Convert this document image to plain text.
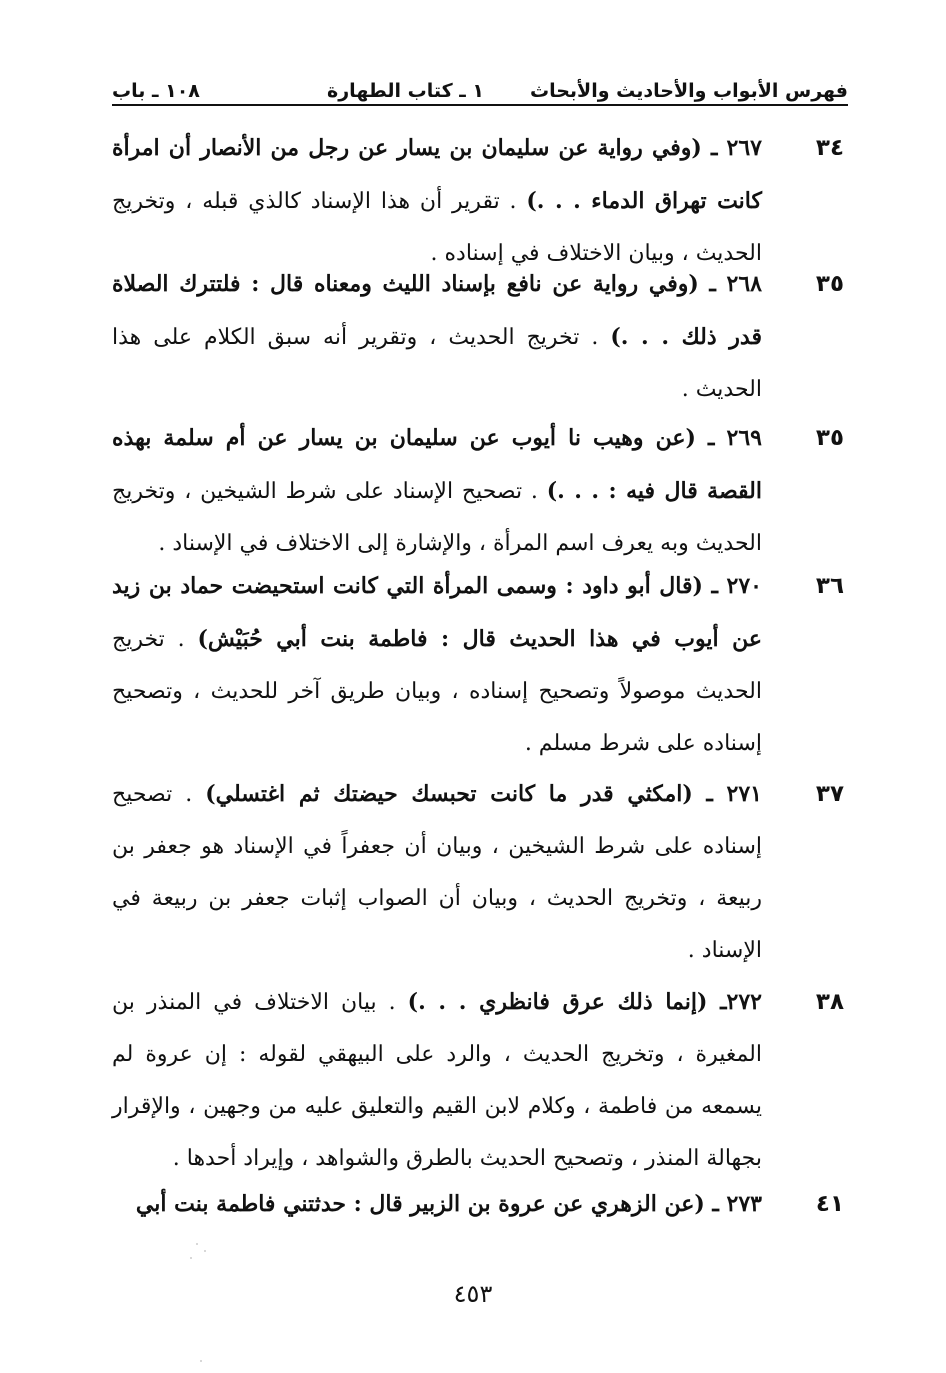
فهرس الأبواب والأحاديث والأبحاث
١ ـ كتاب الطهارة
١٠٨ ـ باب
٣٤
٢٦٧ ـ (وفي رواية عن سليمان بن يسار عن رجل من الأنصار أن امرأة كانت تهراق الدماء . . .) . تقرير أن هذا الإسناد كالذي قبله ، وتخريج الحديث ، وبيان الاختلاف في إسناده .
٣٥
٢٦٨ ـ (وفي رواية عن نافع بإسناد الليث ومعناه قال : فلتترك الصلاة قدر ذلك . . .) . تخريج الحديث ، وتقرير أنه سبق الكلام على هذا الحديث .
٣٥
٢٦٩ ـ (عن وهيب نا أيوب عن سليمان بن يسار عن أم سلمة بهذه القصة قال فيه : . . .) . تصحيح الإسناد على شرط الشيخين ، وتخريج الحديث وبه يعرف اسم المرأة ، والإشارة إلى الاختلاف في الإسناد .
٣٦
٢٧٠ ـ (قال أبو داود : وسمى المرأة التي كانت استحيضت حماد بن زيد عن أيوب في هذا الحديث قال : فاطمة بنت أبي حُبَيْش) . تخريج الحديث موصولاً وتصحيح إسناده ، وبيان طريق آخر للحديث ، وتصحيح إسناده على شرط مسلم .
٣٧
٢٧١ ـ (امكثي قدر ما كانت تحبسك حيضتك ثم اغتسلي) . تصحيح إسناده على شرط الشيخين ، وبيان أن جعفراً في الإسناد هو جعفر بن ربيعة ، وتخريج الحديث ، وبيان أن الصواب إثبات جعفر بن ربيعة في الإسناد .
٣٨
٢٧٢ـ (إنما ذلك عرق فانظري . . .) . بيان الاختلاف في المنذر بن المغيرة ، وتخريج الحديث ، والرد على البيهقي لقوله : إن عروة لم يسمعه من فاطمة ، وكلام لابن القيم والتعليق عليه من وجهين ، والإقرار بجهالة المنذر ، وتصحيح الحديث بالطرق والشواهد ، وإيراد أحدها .
٤١
٢٧٣ ـ (عن الزهري عن عروة بن الزبير قال : حدثتني فاطمة بنت أبي
٤٥٣
